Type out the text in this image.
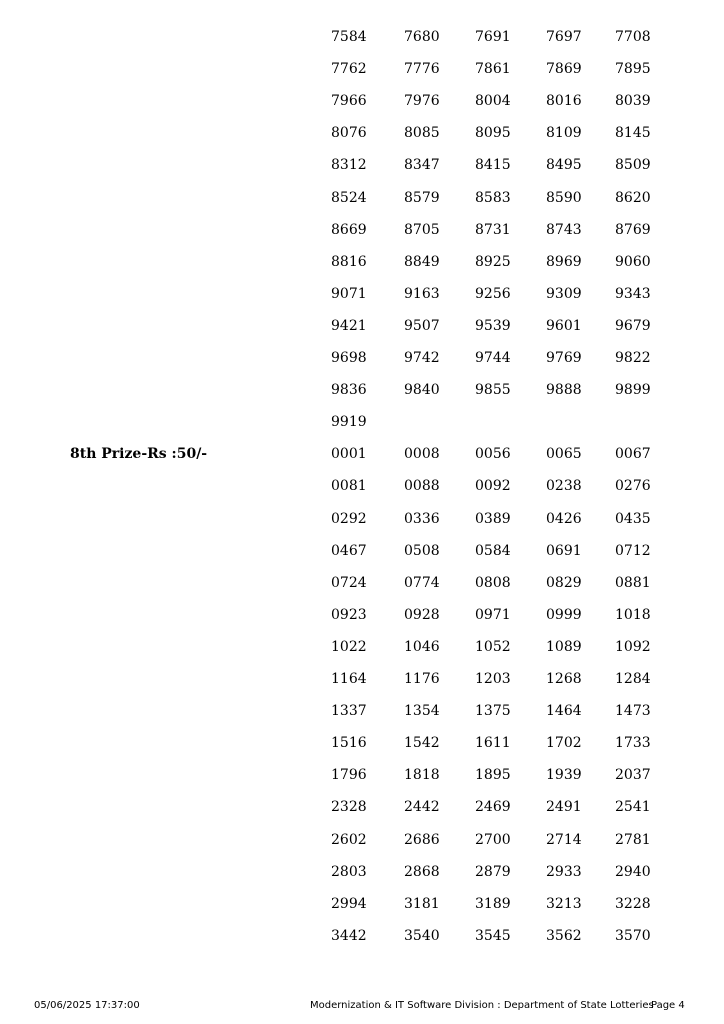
7584	7680	7691	7697 7708
7762	7776	7861	7869 7895
7966	7976	8004	8016 8039
8076	8085	8095	8109 8145
8312	8347	8415	8495 8509
8524	8579	8583	8590 8620
8669	8705	8731	8743 8769
8816	8849	8925	8969 9060
9071	9163	9256	9309 9343
9421	9507	9539	9601 9679
9698	9742	9744	9769 9822
9836	9840	9855	9888 9899
9919
8th Prize-Rs :50/-	0001	0008	0056	0065 0067
0081	0088	0092	0238 0276
0292	0336	0389	0426 0435
0467	0508	0584	0691 0712
0724	0774	0808	0829 0881
0923	0928	0971	0999 1018
1022	1046	1052	1089 1092
1164	1176	1203	1268 1284
1337	1354	1375	1464 1473
1516	1542	1611	1702 1733
1796	1818	1895	1939 2037
2328	2442	2469	2491 2541
2602	2686	2700	2714 2781
2803	2868	2879	2933 2940
2994	3181	3189	3213 3228
3442	3540	3545	3562 3570
05/06/2025 17:37:00	Modernization & IT Software Division : Department of State Lotteries
Page 4
